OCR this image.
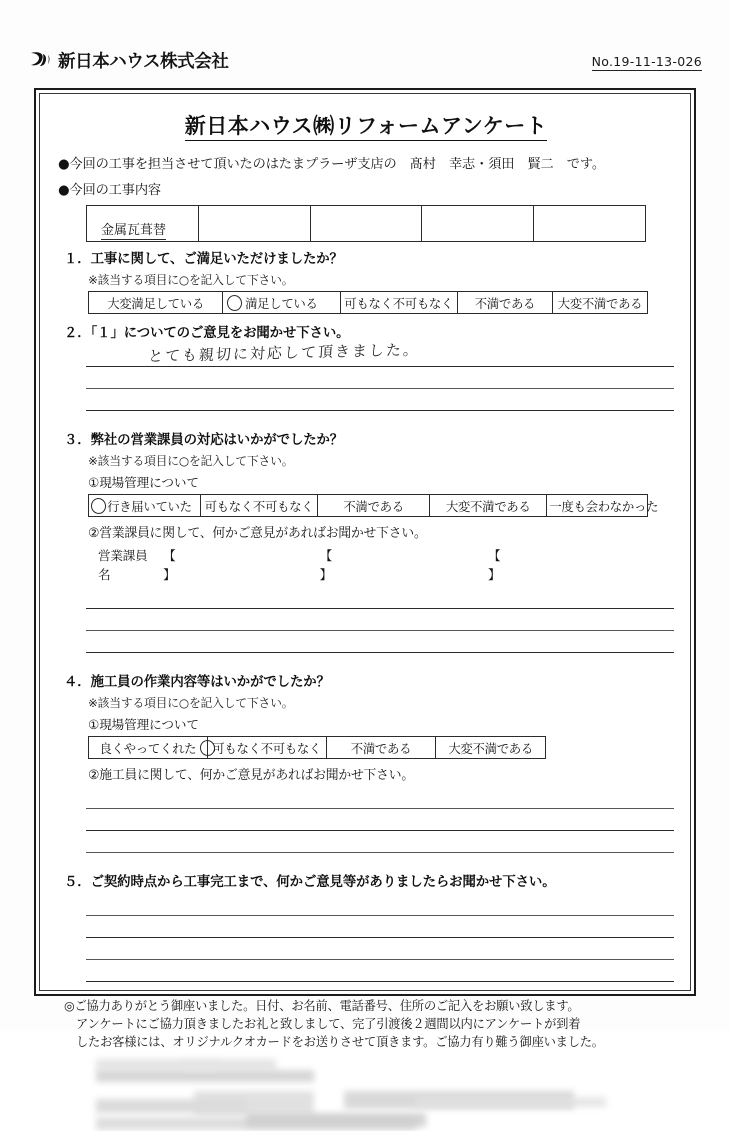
新日本ハウス株式会社	No.19-11-13-026
新日本ハウス㈱リフォームアンケート
●今回の工事を担当させて頂いたのはたまプラーザ支店の　髙村　幸志・須田　賢二　です。
●今回の工事内容
金属瓦葺替				
１．工事に関して、ご満足いただけましたか？
※該当する項目に○を記入して下さい。
大変満足している	満足している	可もなく不可もなく	不満である	大変不満である
２．「１」についてのご意見をお聞かせ下さい。
とても親切に対応して頂きました。
３．弊社の営業課員の対応はいかがでしたか？
※該当する項目に○を記入して下さい。
①現場管理について
行き届いていた	可もなく不可もなく	不満である	大変不満である	一度も会わなかった
②営業課員に関して、何かご意見があればお聞かせ下さい。
営業課員名
【】
【】
【】
４．施工員の作業内容等はいかがでしたか？
※該当する項目に○を記入して下さい。
①現場管理について
良くやってくれた	可もなく不可もなく	不満である	大変不満である
②施工員に関して、何かご意見があればお聞かせ下さい。
５．ご契約時点から工事完工まで、何かご意見等がありましたらお聞かせ下さい。
◎ご協力ありがとう御座いました。日付、お名前、電話番号、住所のご記入をお願い致します。
アンケートにご協力頂きましたお礼と致しまして、完了引渡後２週間以内にアンケートが到着
したお客様には、オリジナルクオカードをお送りさせて頂きます。ご協力有り難う御座いました。
